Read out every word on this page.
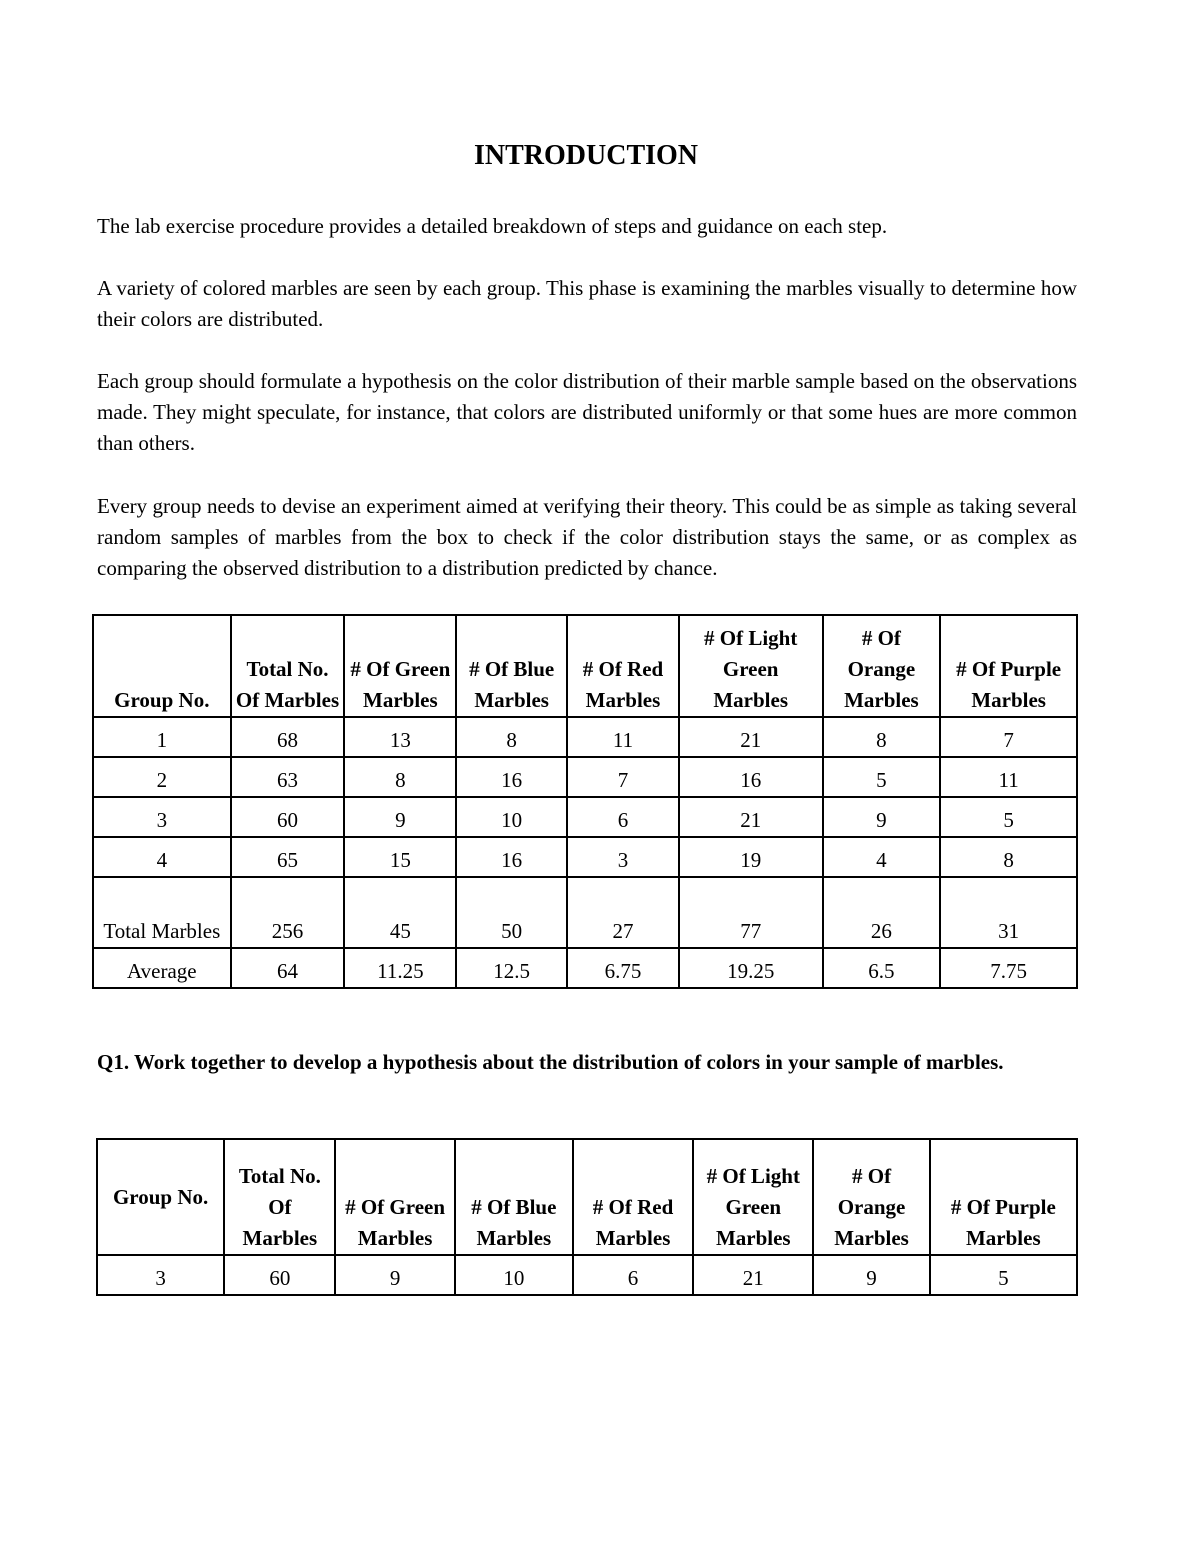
INTRODUCTION

The lab exercise procedure provides a detailed breakdown of steps and guidance on each step.

A variety of colored marbles are seen by each group. This phase is examining the marbles visually to determine how their colors are distributed.

Each group should formulate a hypothesis on the color distribution of their marble sample based on the observations made. They might speculate, for instance, that colors are distributed uniformly or that some hues are more common than others.

Every group needs to devise an experiment aimed at verifying their theory. This could be as simple as taking several random samples of marbles from the box to check if the color distribution stays the same, or as complex as comparing the observed distribution to a distribution predicted by chance.

Group No.	Total No. Of Marbles	# Of Green Marbles	# Of Blue Marbles	# Of Red Marbles	# Of Light Green Marbles	# Of Orange Marbles	# Of Purple Marbles
1	68	13	8	11	21	8	7
2	63	8	16	7	16	5	11
3	60	9	10	6	21	9	5
4	65	15	16	3	19	4	8
Total Marbles	256	45	50	27	77	26	31
Average	64	11.25	12.5	6.75	19.25	6.5	7.75

Q1. Work together to develop a hypothesis about the distribution of colors in your sample of marbles.

Group No.	Total No. Of Marbles	# Of Green Marbles	# Of Blue Marbles	# Of Red Marbles	# Of Light Green Marbles	# Of Orange Marbles	# Of Purple Marbles
3	60	9	10	6	21	9	5
